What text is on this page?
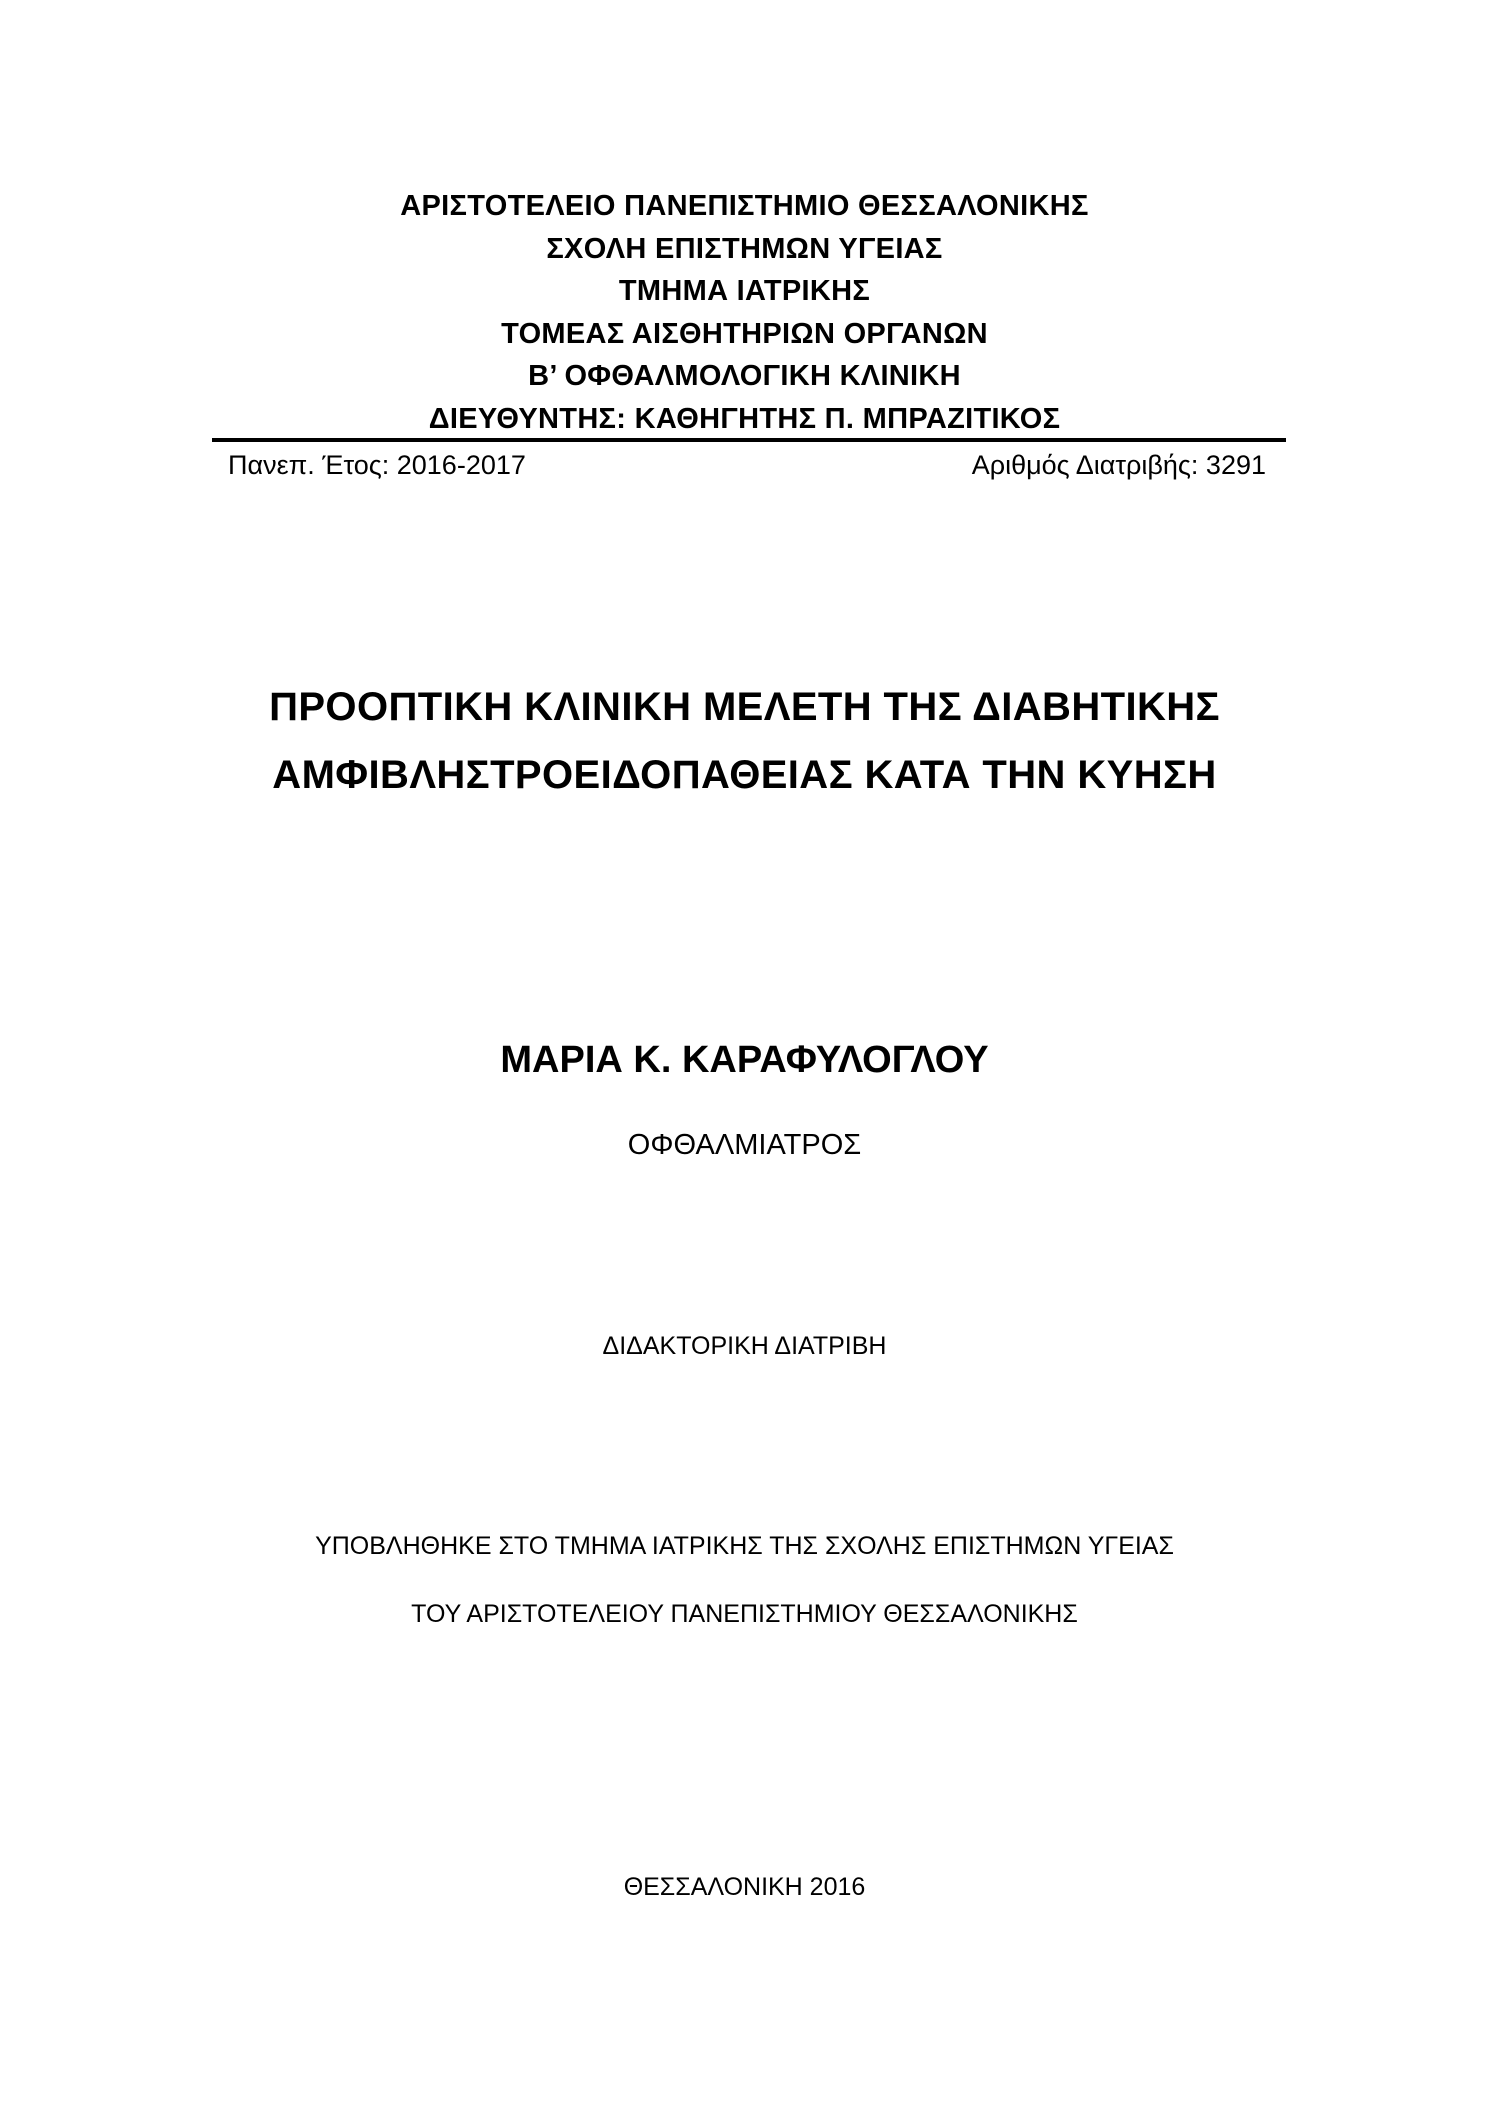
ΑΡΙΣΤΟΤΕΛΕΙΟ ΠΑΝΕΠΙΣΤΗΜΙΟ ΘΕΣΣΑΛΟΝΙΚΗΣ
ΣΧΟΛΗ ΕΠΙΣΤΗΜΩΝ ΥΓΕΙΑΣ
ΤΜΗΜΑ ΙΑΤΡΙΚΗΣ
ΤΟΜΕΑΣ ΑΙΣΘΗΤΗΡΙΩΝ ΟΡΓΑΝΩΝ
Β’ ΟΦΘΑΛΜΟΛΟΓΙΚΗ ΚΛΙΝΙΚΗ
ΔΙΕΥΘΥΝΤΗΣ: ΚΑΘΗΓΗΤΗΣ Π. ΜΠΡΑΖΙΤΙΚΟΣ
Πανεπ. Έτος: 2016-2017	Αριθμός Διατριβής: 3291
ΠΡΟΟΠΤΙΚΗ ΚΛΙΝΙΚΗ ΜΕΛΕΤΗ ΤΗΣ ΔΙΑΒΗΤΙΚΗΣ
ΑΜΦΙΒΛΗΣΤΡΟΕΙΔΟΠΑΘΕΙΑΣ ΚΑΤΑ ΤΗΝ ΚΥΗΣΗ
ΜΑΡΙΑ Κ. ΚΑΡΑΦΥΛΟΓΛΟΥ
ΟΦΘΑΛΜΙΑΤΡΟΣ
ΔΙΔΑΚΤΟΡΙΚΗ ΔΙΑΤΡΙΒΗ
ΥΠΟΒΛΗΘΗΚΕ ΣΤΟ ΤΜΗΜΑ ΙΑΤΡΙΚΗΣ ΤΗΣ ΣΧΟΛΗΣ ΕΠΙΣΤΗΜΩΝ ΥΓΕΙΑΣ
ΤΟΥ ΑΡΙΣΤΟΤΕΛΕΙΟΥ ΠΑΝΕΠΙΣΤΗΜΙΟΥ ΘΕΣΣΑΛΟΝΙΚΗΣ
ΘΕΣΣΑΛΟΝΙΚΗ 2016
